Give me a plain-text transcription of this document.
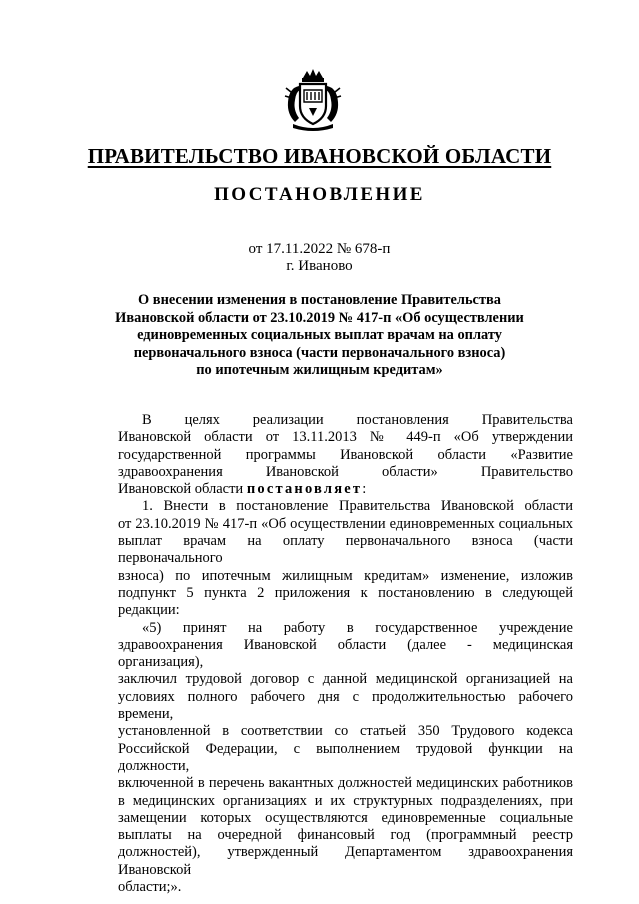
ПРАВИТЕЛЬСТВО ИВАНОВСКОЙ ОБЛАСТИ
ПОСТАНОВЛЕНИЕ
от 17.11.2022 № 678-п
г. Иваново
О внесении изменения в постановление Правительства
Ивановской области от 23.10.2019 № 417-п «Об осуществлении
единовременных социальных выплат врачам на оплату
первоначального взноса (части первоначального взноса)
по ипотечным жилищным кредитам»
В целях реализации постановления Правительства
Ивановской области от 13.11.2013 № 449-п «Об утверждении
государственной программы Ивановской области «Развитие
здравоохранения Ивановской области» Правительство
Ивановской области постановляет:
1. Внести в постановление Правительства Ивановской области
от 23.10.2019 № 417-п «Об осуществлении единовременных социальных
выплат врачам на оплату первоначального взноса (части первоначального
взноса) по ипотечным жилищным кредитам» изменение, изложив
подпункт 5 пункта 2 приложения к постановлению в следующей
редакции:
«5) принят на работу в государственное учреждение
здравоохранения Ивановской области (далее - медицинская организация),
заключил трудовой договор с данной медицинской организацией на
условиях полного рабочего дня с продолжительностью рабочего времени,
установленной в соответствии со статьей 350 Трудового кодекса
Российской Федерации, с выполнением трудовой функции на должности,
включенной в перечень вакантных должностей медицинских работников
в медицинских организациях и их структурных подразделениях, при
замещении которых осуществляются единовременные социальные
выплаты на очередной финансовый год (программный реестр
должностей), утвержденный Департаментом здравоохранения Ивановской
области;».
